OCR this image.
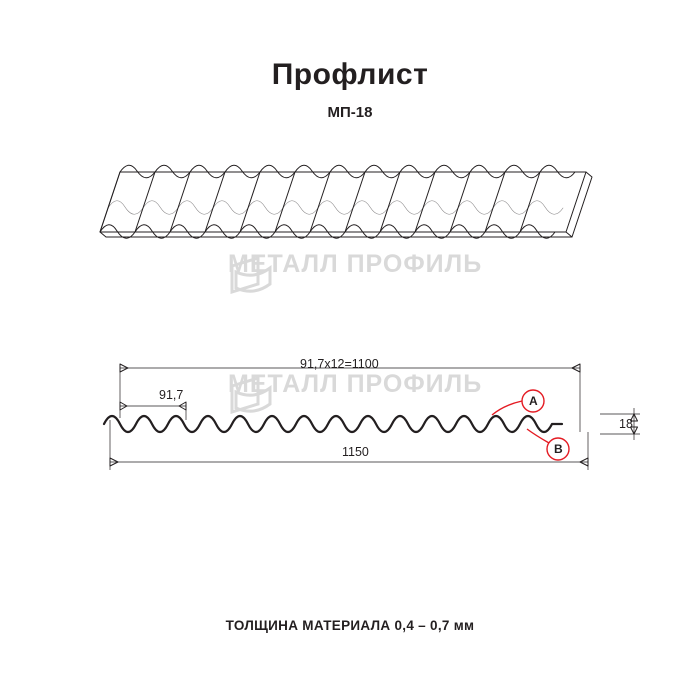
Профлист
МП-18
МЕТАЛЛ ПРОФИЛЬ
МЕТАЛЛ ПРОФИЛЬ
91,7х12=1100
91,7
1150
18
A
B
ТОЛЩИНА МАТЕРИАЛА 0,4 – 0,7 мм
